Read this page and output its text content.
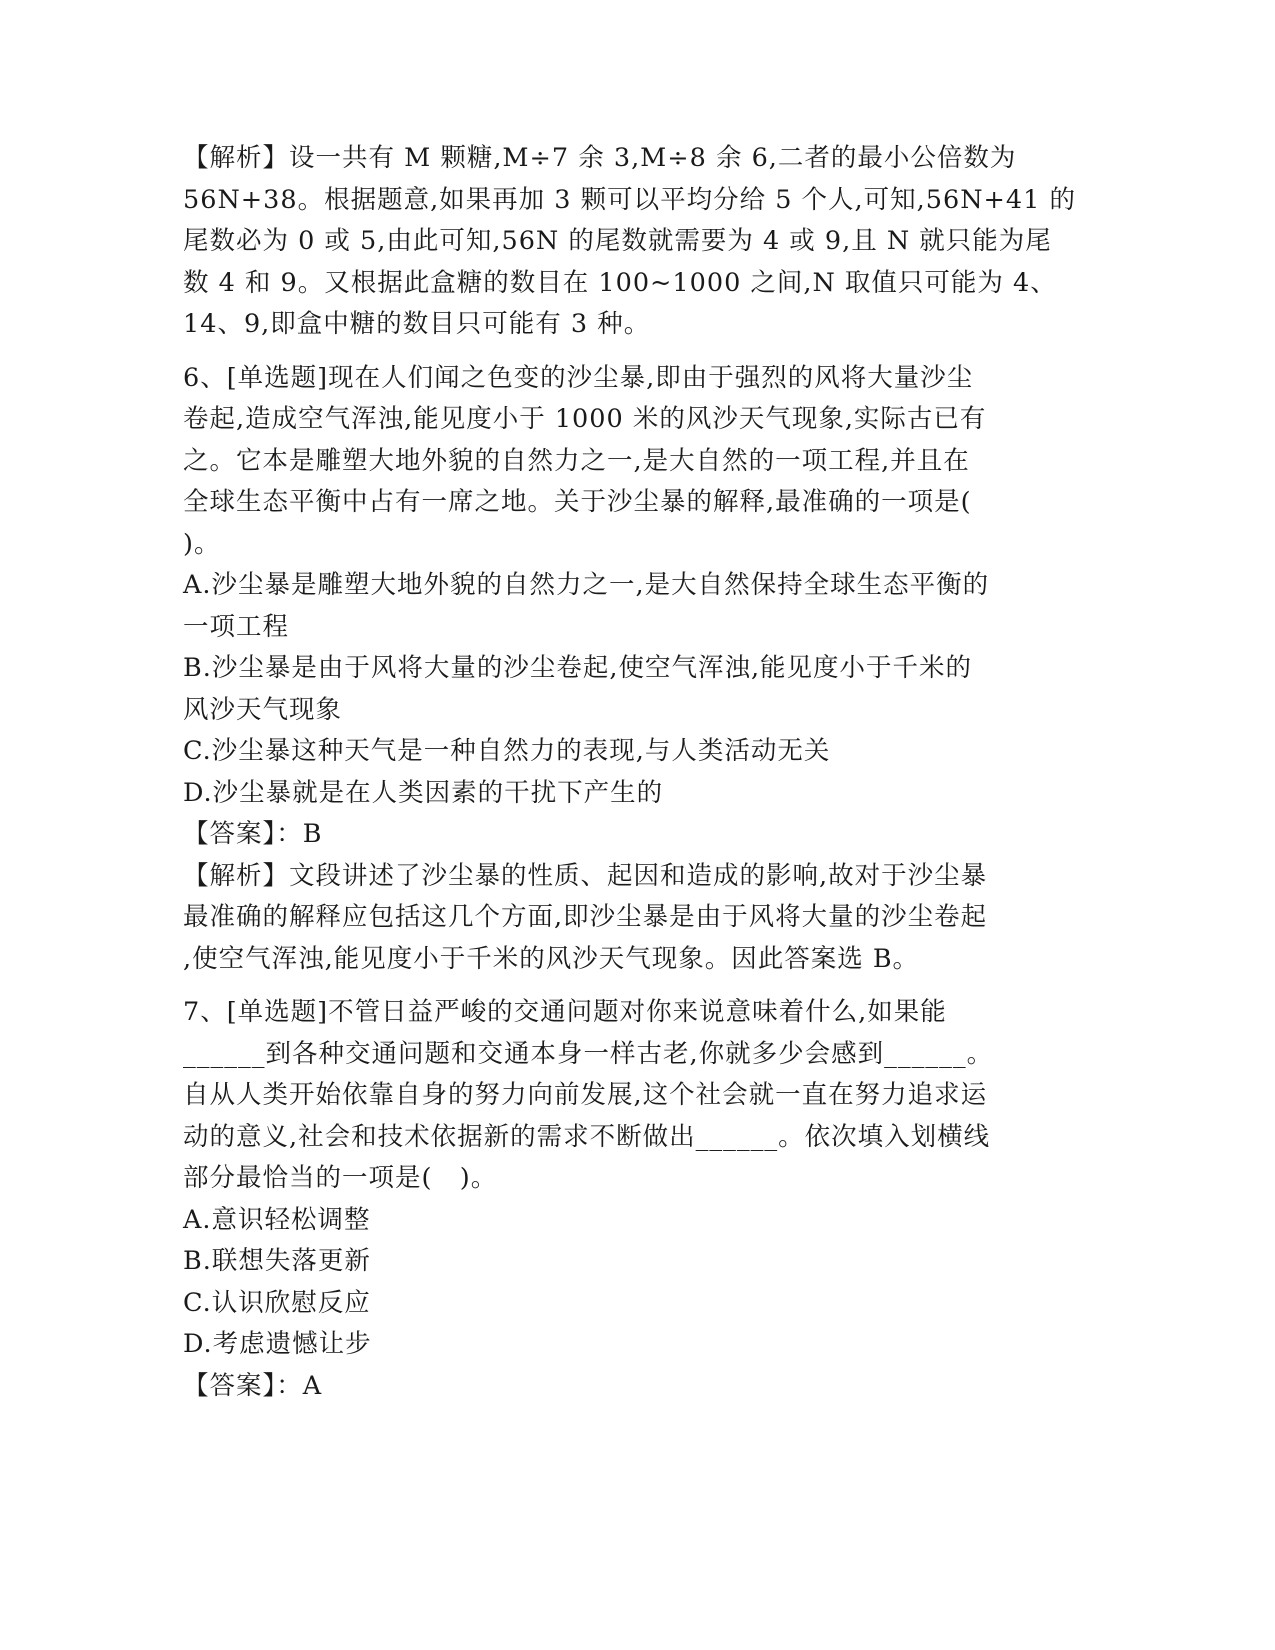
【解析】设一共有 M 颗糖,M÷7 余 3,M÷8 余 6,二者的最小公倍数为
56N+38。根据题意,如果再加 3 颗可以平均分给 5 个人,可知,56N+41 的
尾数必为 0 或 5,由此可知,56N 的尾数就需要为 4 或 9,且 N 就只能为尾
数 4 和 9。又根据此盒糖的数目在 100~1000 之间,N 取值只可能为 4、
14、9,即盒中糖的数目只可能有 3 种。
6、[单选题]现在人们闻之色变的沙尘暴,即由于强烈的风将大量沙尘
卷起,造成空气浑浊,能见度小于 1000 米的风沙天气现象,实际古已有
之。它本是雕塑大地外貌的自然力之一,是大自然的一项工程,并且在
全球生态平衡中占有一席之地。关于沙尘暴的解释,最准确的一项是(
)。
A.沙尘暴是雕塑大地外貌的自然力之一,是大自然保持全球生态平衡的
一项工程
B.沙尘暴是由于风将大量的沙尘卷起,使空气浑浊,能见度小于千米的
风沙天气现象
C.沙尘暴这种天气是一种自然力的表现,与人类活动无关
D.沙尘暴就是在人类因素的干扰下产生的
【答案】：B
【解析】文段讲述了沙尘暴的性质、起因和造成的影响,故对于沙尘暴
最准确的解释应包括这几个方面,即沙尘暴是由于风将大量的沙尘卷起
,使空气浑浊,能见度小于千米的风沙天气现象。因此答案选 B。
7、[单选题]不管日益严峻的交通问题对你来说意味着什么,如果能
______到各种交通问题和交通本身一样古老,你就多少会感到______。
自从人类开始依靠自身的努力向前发展,这个社会就一直在努力追求运
动的意义,社会和技术依据新的需求不断做出______。依次填入划横线
部分最恰当的一项是(   )。
A.意识轻松调整
B.联想失落更新
C.认识欣慰反应
D.考虑遗憾让步
【答案】：A
